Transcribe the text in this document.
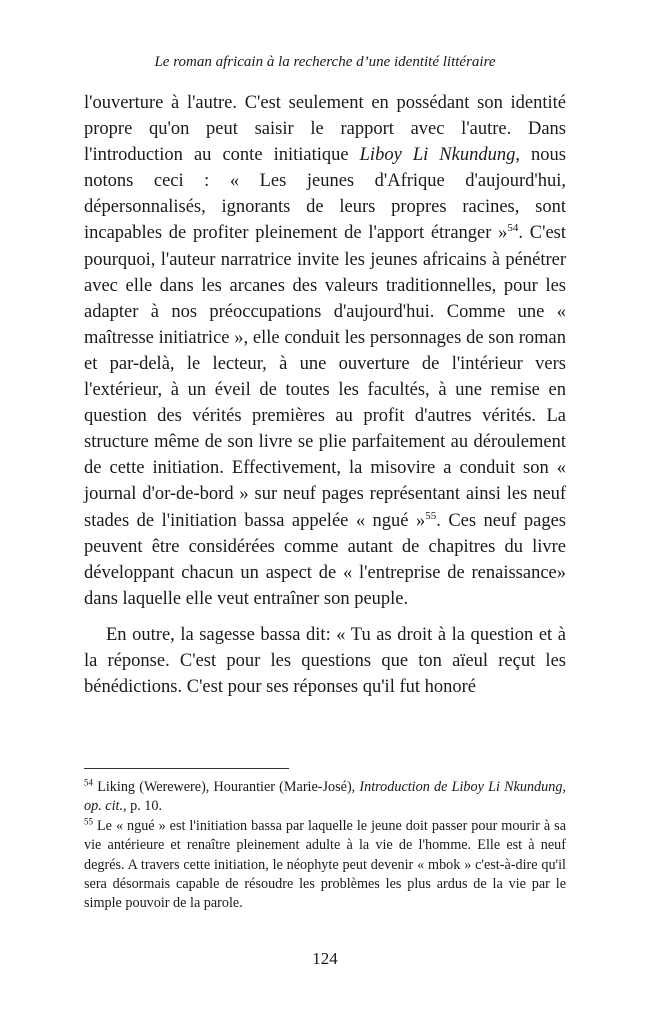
Le roman africain à la recherche d’une identité littéraire

l'ouverture à l'autre. C'est seulement en possédant son identité propre qu'on peut saisir le rapport avec l'autre. Dans l'introduction au conte initiatique Liboy Li Nkundung, nous notons ceci : « Les jeunes d'Afrique d'aujourd'hui, dépersonnalisés, ignorants de leurs propres racines, sont incapables de profiter pleinement de l'apport étranger »$^{54}$. C'est pourquoi, l'auteur narratrice invite les jeunes africains à pénétrer avec elle dans les arcanes des valeurs traditionnelles, pour les adapter à nos préoccupations d'aujourd'hui. Comme une « maîtresse initiatrice », elle conduit les personnages de son roman et par-delà, le lecteur, à une ouverture de l'intérieur vers l'extérieur, à un éveil de toutes les facultés, à une remise en question des vérités premières au profit d'autres vérités. La structure même de son livre se plie parfaitement au déroulement de cette initiation. Effectivement, la misovire a conduit son « journal d'or-de-bord » sur neuf pages représentant ainsi les neuf stades de l'initiation bassa appelée « ngué »$^{55}$. Ces neuf pages peuvent être considérées comme autant de chapitres du livre développant chacun un aspect de « l'entreprise de renaissance» dans laquelle elle veut entraîner son peuple.

En outre, la sagesse bassa dit: « Tu as droit à la question et à la réponse. C'est pour les questions que ton aïeul reçut les bénédictions. C'est pour ses réponses qu'il fut honoré

$^{54}$ Liking (Werewere), Hourantier (Marie-José), Introduction de Liboy Li Nkundung, op. cit., p. 10.

$^{55}$ Le « ngué » est l'initiation bassa par laquelle le jeune doit passer pour mourir à sa vie antérieure et renaître pleinement adulte à la vie de l'homme. Elle est à neuf degrés. A travers cette initiation, le néophyte peut devenir « mbok » c'est-à-dire qu'il sera désormais capable de résoudre les problèmes les plus ardus de la vie par le simple pouvoir de la parole.

124
